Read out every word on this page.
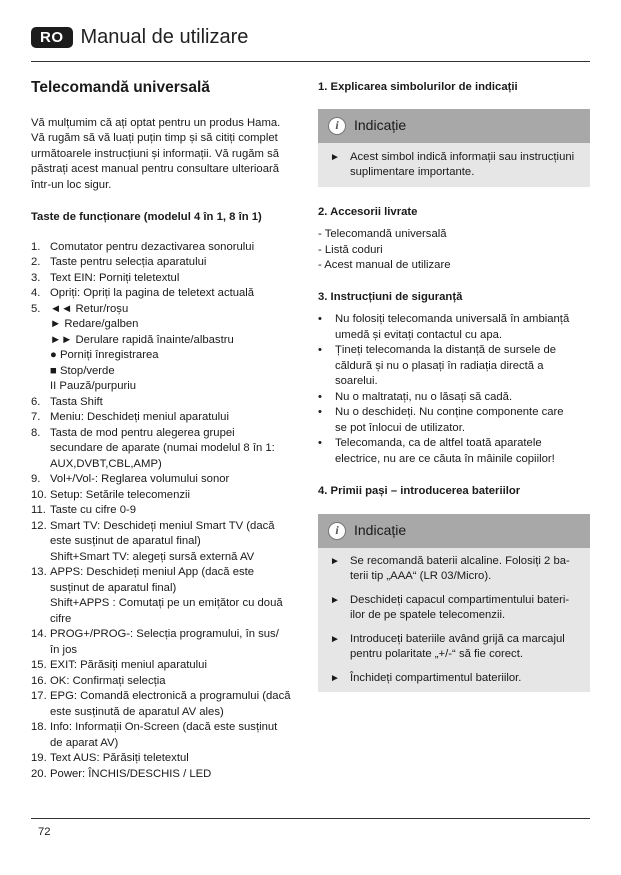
RO Manual de utilizare
Telecomandă universală

Vă mulțumim că ați optat pentru un produs Hama.

Vă rugăm să vă luați puțin timp și să citiți complet

următoarele instrucțiuni și informații. Vă rugăm să

păstrați acest manual pentru consultare ulterioară

într-un loc sigur.

Taste de funcționare (modelul 4 în 1, 8 în 1)
1. Comutator pentru dezactivarea sonorului

2. Taste pentru selecția aparatului

3. Text EIN: Porniți teletextul

4. Opriți: Opriți la pagina de teletext actuală

5. ◄◄ Retur/roșu

► Redare/galben

►► Derulare rapidă înainte/albastru

● Porniți înregistrarea

■ Stop/verde

II Pauză/purpuriu

6. Tasta Shift

7. Meniu: Deschideți meniul aparatului

8. Tasta de mod pentru alegerea grupei

secundare de aparate (numai modelul 8 în 1:

AUX,DVBT,CBL,AMP)

9. Vol+/Vol-: Reglarea volumului sonor

10. Setup: Setările telecomenzii

11. Taste cu cifre 0-9

12. Smart TV: Deschideți meniul Smart TV (dacă

este susținut de aparatul final)

Shift+Smart TV: alegeți sursă externă AV

13. APPS: Deschideți meniul App (dacă este

susținut de aparatul final)

Shift+APPS : Comutați pe un emițător cu două

cifre

14. PROG+/PROG-: Selecția programului, în sus/

în jos

15. EXIT: Părăsiți meniul aparatului

16. OK: Confirmați selecția

17. EPG: Comandă electronică a programului (dacă

este susținută de aparatul AV ales)

18. Info: Informații On-Screen (dacă este susținut

de aparat AV)

19. Text AUS: Părăsiți teletextul

20. Power: ÎNCHIS/DESCHIS / LED

1. Explicarea simbolurilor de indicații
i	Indicație
► Acest simbol indică informații sau instrucțiuni

suplimentare importante.

2. Accesorii livrate

- Telecomandă universală

- Listă coduri

- Acest manual de utilizare

3. Instrucțiuni de siguranță
•	Nu folosiți telecomanda universală în ambianță

umedă și evitați contactul cu apa.

•	Țineți telecomanda la distanță de sursele de

căldură și nu o plasați în radiația directă a

soarelui.

•	Nu o maltratați, nu o lăsați să cadă.

•	Nu o deschideți. Nu conține componente care

se pot înlocui de utilizator.

•	Telecomanda, ca de altfel toată aparatele

electrice, nu are ce căuta în mâinile copiilor!

4. Primii pași – introducerea bateriilor
i	Indicație
► Se recomandă baterii alcaline. Folosiți 2 ba-

terii tip „AAA“ (LR 03/Micro).

► Deschideți capacul compartimentului bateri-

ilor de pe spatele telecomenzii.

► Introduceți bateriile având grijă ca marcajul

pentru polaritate „+/-“ să fie corect.

► Închideți compartimentul bateriilor.

72
